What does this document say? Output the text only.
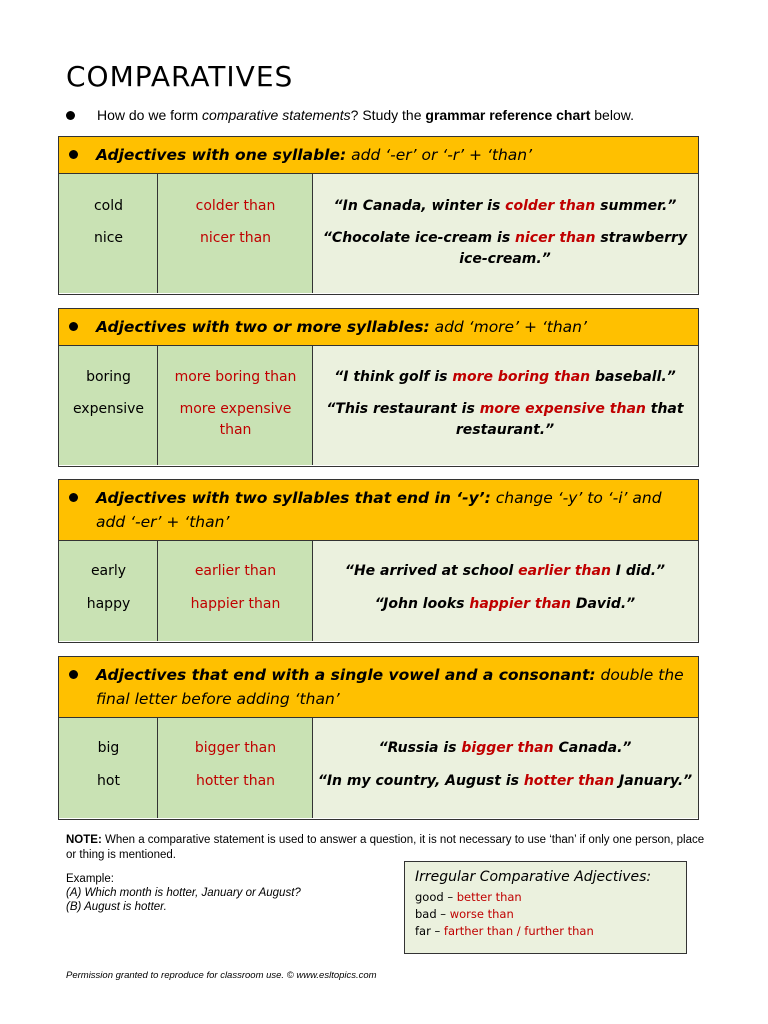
COMPARATIVES
How do we form comparative statements? Study the grammar reference chart below.
Adjectives with one syllable: add ‘-er’ or ‘-r’ + ‘than’
cold
nice
colder than
nicer than
“In Canada, winter is colder than summer.”
“Chocolate ice-cream is nicer than strawberry ice-cream.”
Adjectives with two or more syllables: add ‘more’ + ‘than’
boring
expensive
more boring than
more expensive than
“I think golf is more boring than baseball.”
“This restaurant is more expensive than that restaurant.”
Adjectives with two syllables that end in ‘-y’: change ‘-y’ to ‘-i’ and add ‘-er’ + ‘than’
early
happy
earlier than
happier than
“He arrived at school earlier than I did.”
“John looks happier than David.”
Adjectives that end with a single vowel and a consonant: double the final letter before adding ‘than’
big
hot
bigger than
hotter than
“Russia is bigger than Canada.”
“In my country, August is hotter than January.”
NOTE: When a comparative statement is used to answer a question, it is not necessary to use ‘than’ if only one person, place or thing is mentioned.
Example:
(A) Which month is hotter, January or August?
(B) August is hotter.
Irregular Comparative Adjectives:
good – better than
bad – worse than
far – farther than / further than
Permission granted to reproduce for classroom use. © www.esltopics.com
